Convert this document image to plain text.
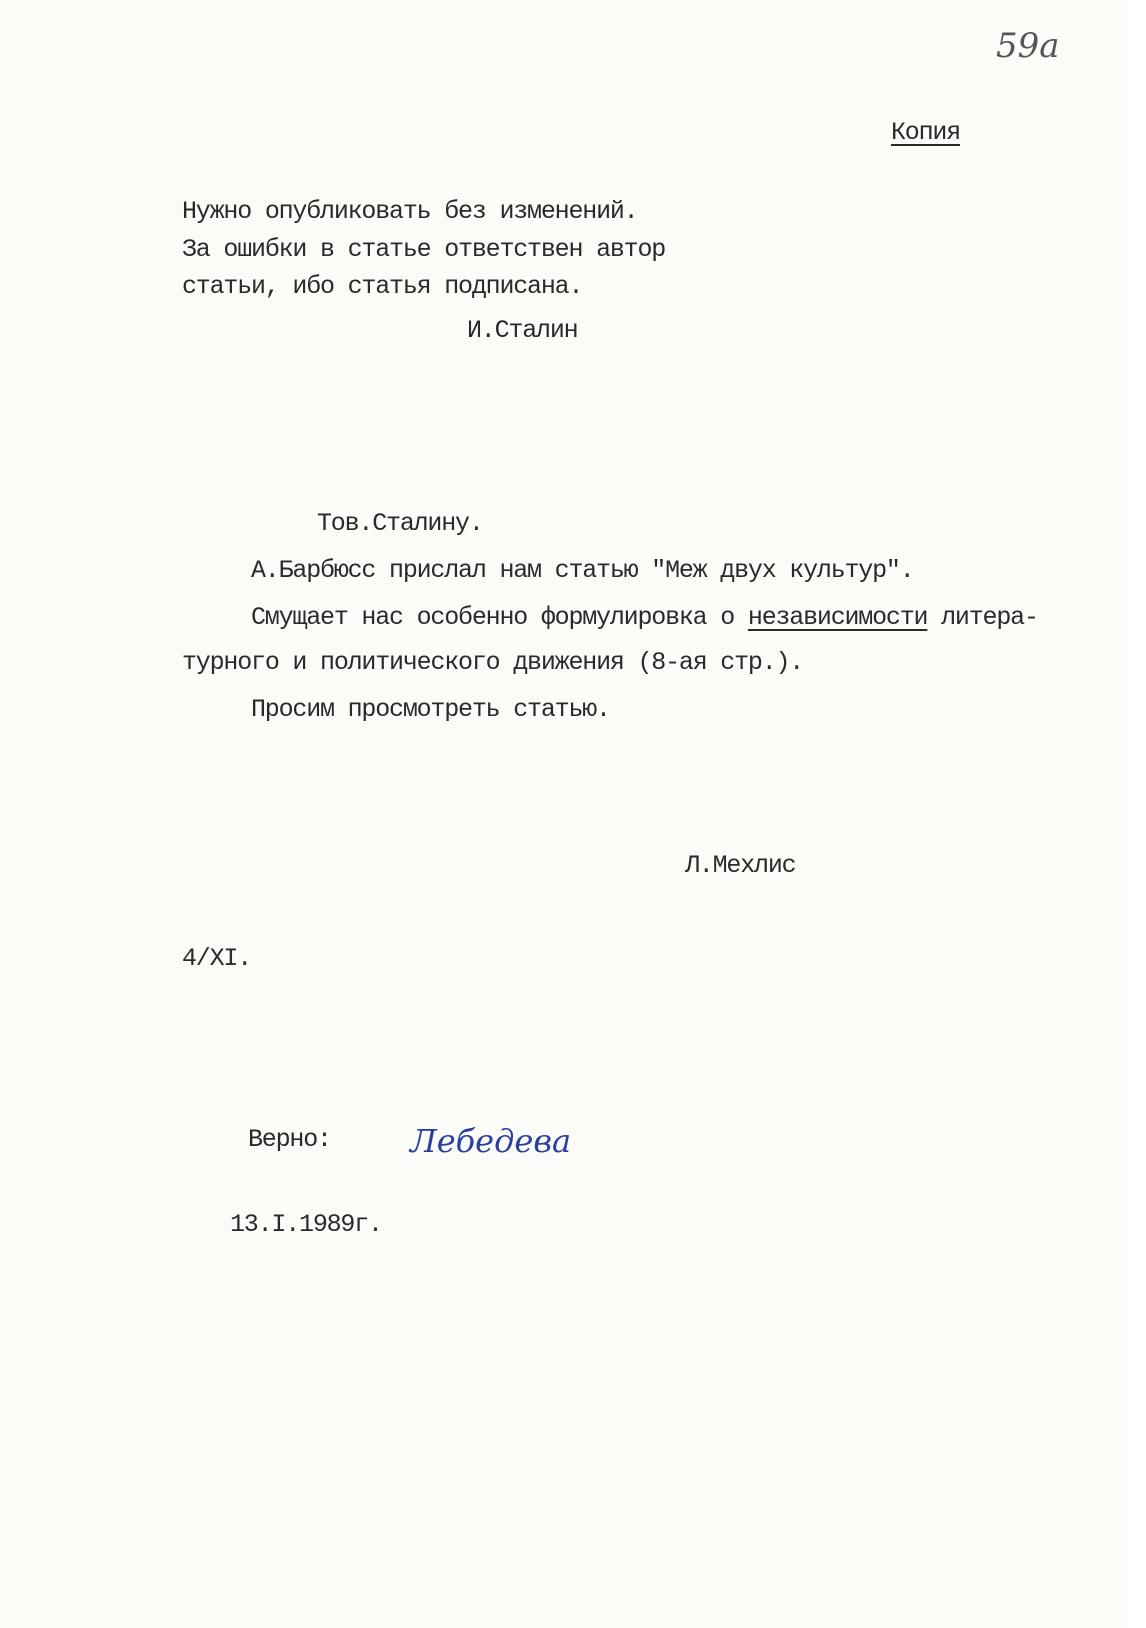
59а

Копия

Нужно опубликовать без изменений.

За ошибки в статье ответствен автор

статьи, ибо статья подписана.

И.Сталин

Тов.Сталину.

А.Барбюсс прислал нам статью "Меж двух культур".

Смущает нас особенно формулировка о независимости литера-

турного и политического движения (8-ая стр.).

Просим просмотреть статью.

Л.Мехлис

4/XI.

Верно: Лебедева

13.I.1989г.
